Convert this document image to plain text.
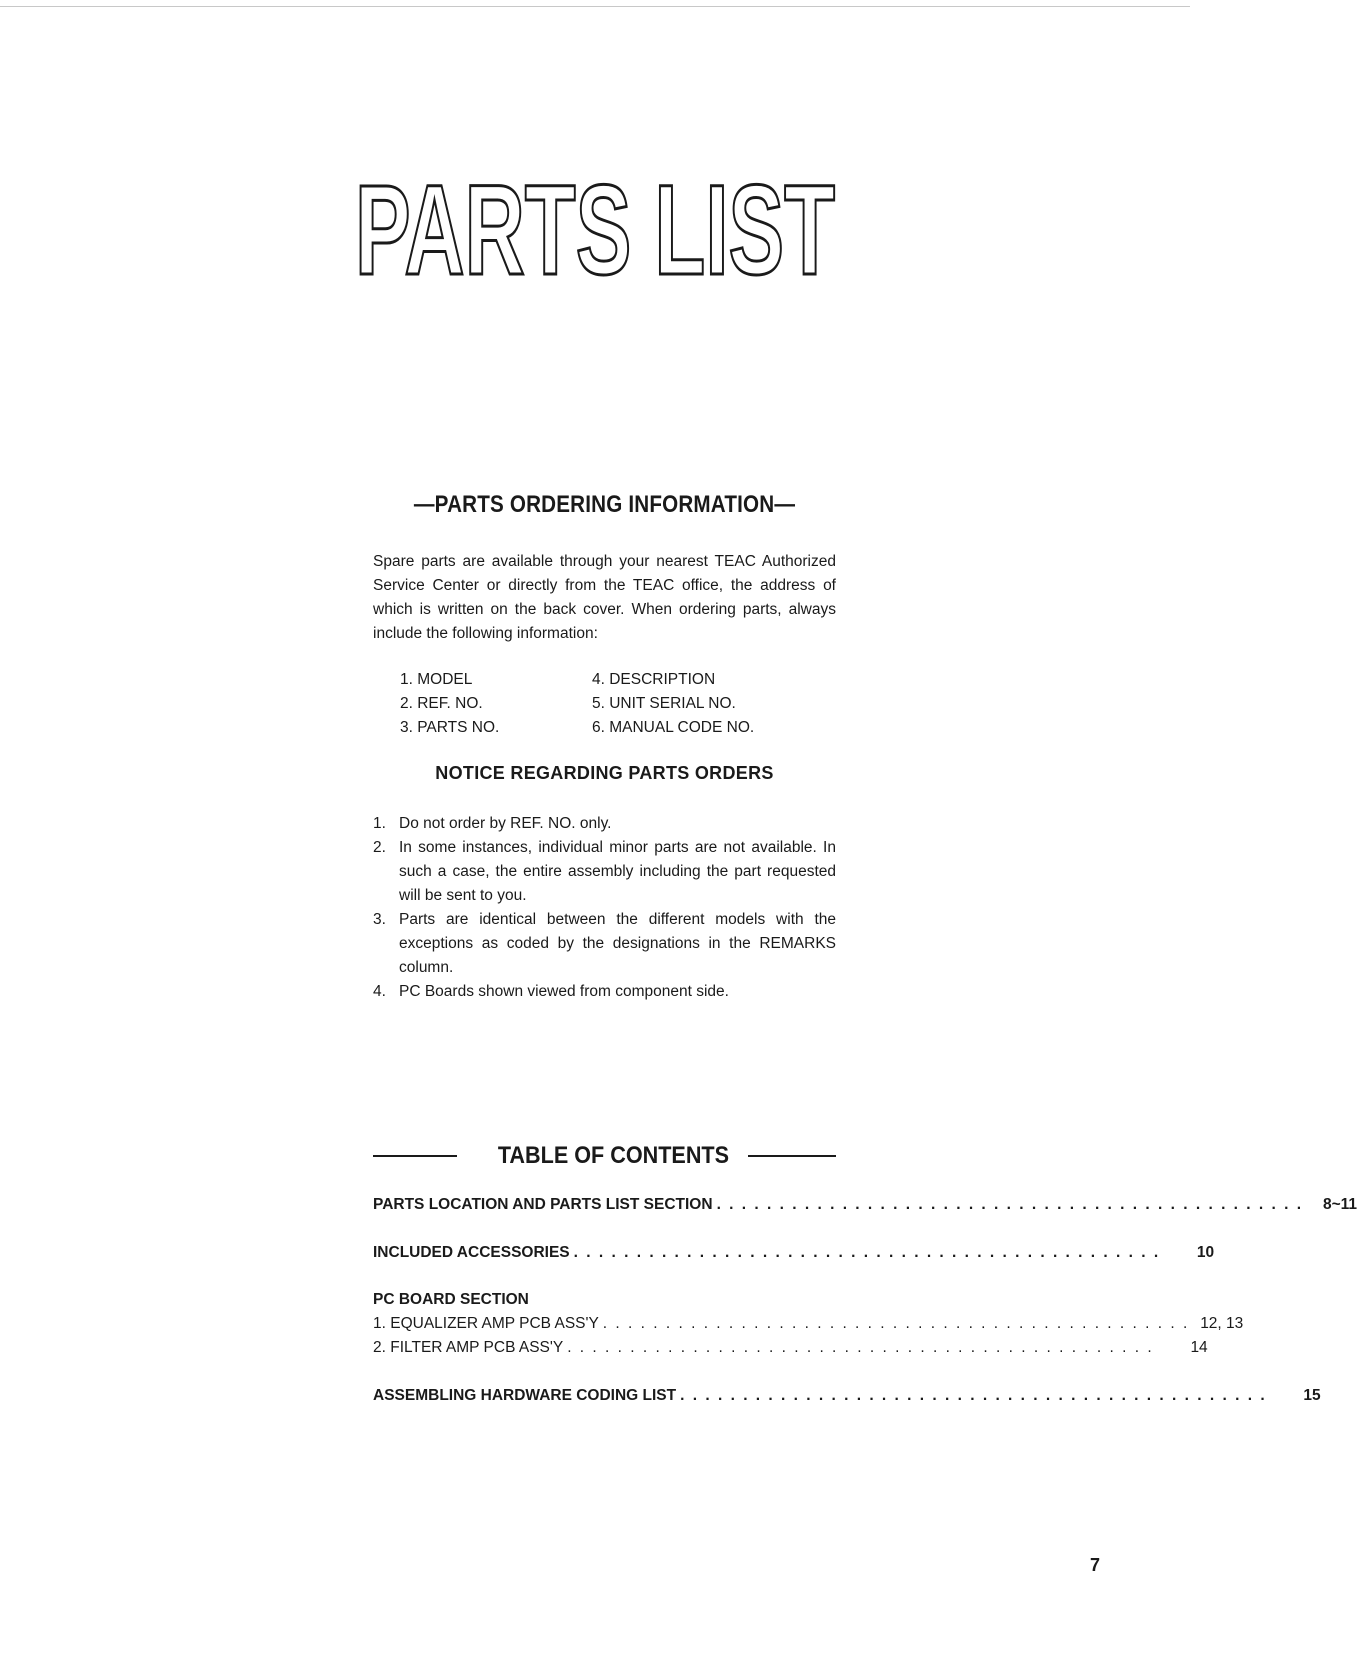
PARTS LIST
—PARTS ORDERING INFORMATION—
Spare parts are available through your nearest TEAC Authorized Service Center or directly from the TEAC office, the address of which is written on the back cover. When ordering parts, always include the following information:
1. MODEL	4. DESCRIPTION
2. REF. NO.	5. UNIT SERIAL NO.
3. PARTS NO.	6. MANUAL CODE NO.
NOTICE REGARDING PARTS ORDERS
1. Do not order by REF. NO. only.
2. In some instances, individual minor parts are not available. In such a case, the entire assembly including the part requested will be sent to you.
3. Parts are identical between the different models with the exceptions as coded by the designations in the REMARKS column.
4. PC Boards shown viewed from component side.
TABLE OF CONTENTS
PARTS LOCATION AND PARTS LIST SECTION . . .	8~11
INCLUDED ACCESSORIES . . .	10
PC BOARD SECTION
1. EQUALIZER AMP PCB ASS'Y . . .	12, 13
2. FILTER AMP PCB ASS'Y . . .	14
ASSEMBLING HARDWARE CODING LIST . . .	15
7
